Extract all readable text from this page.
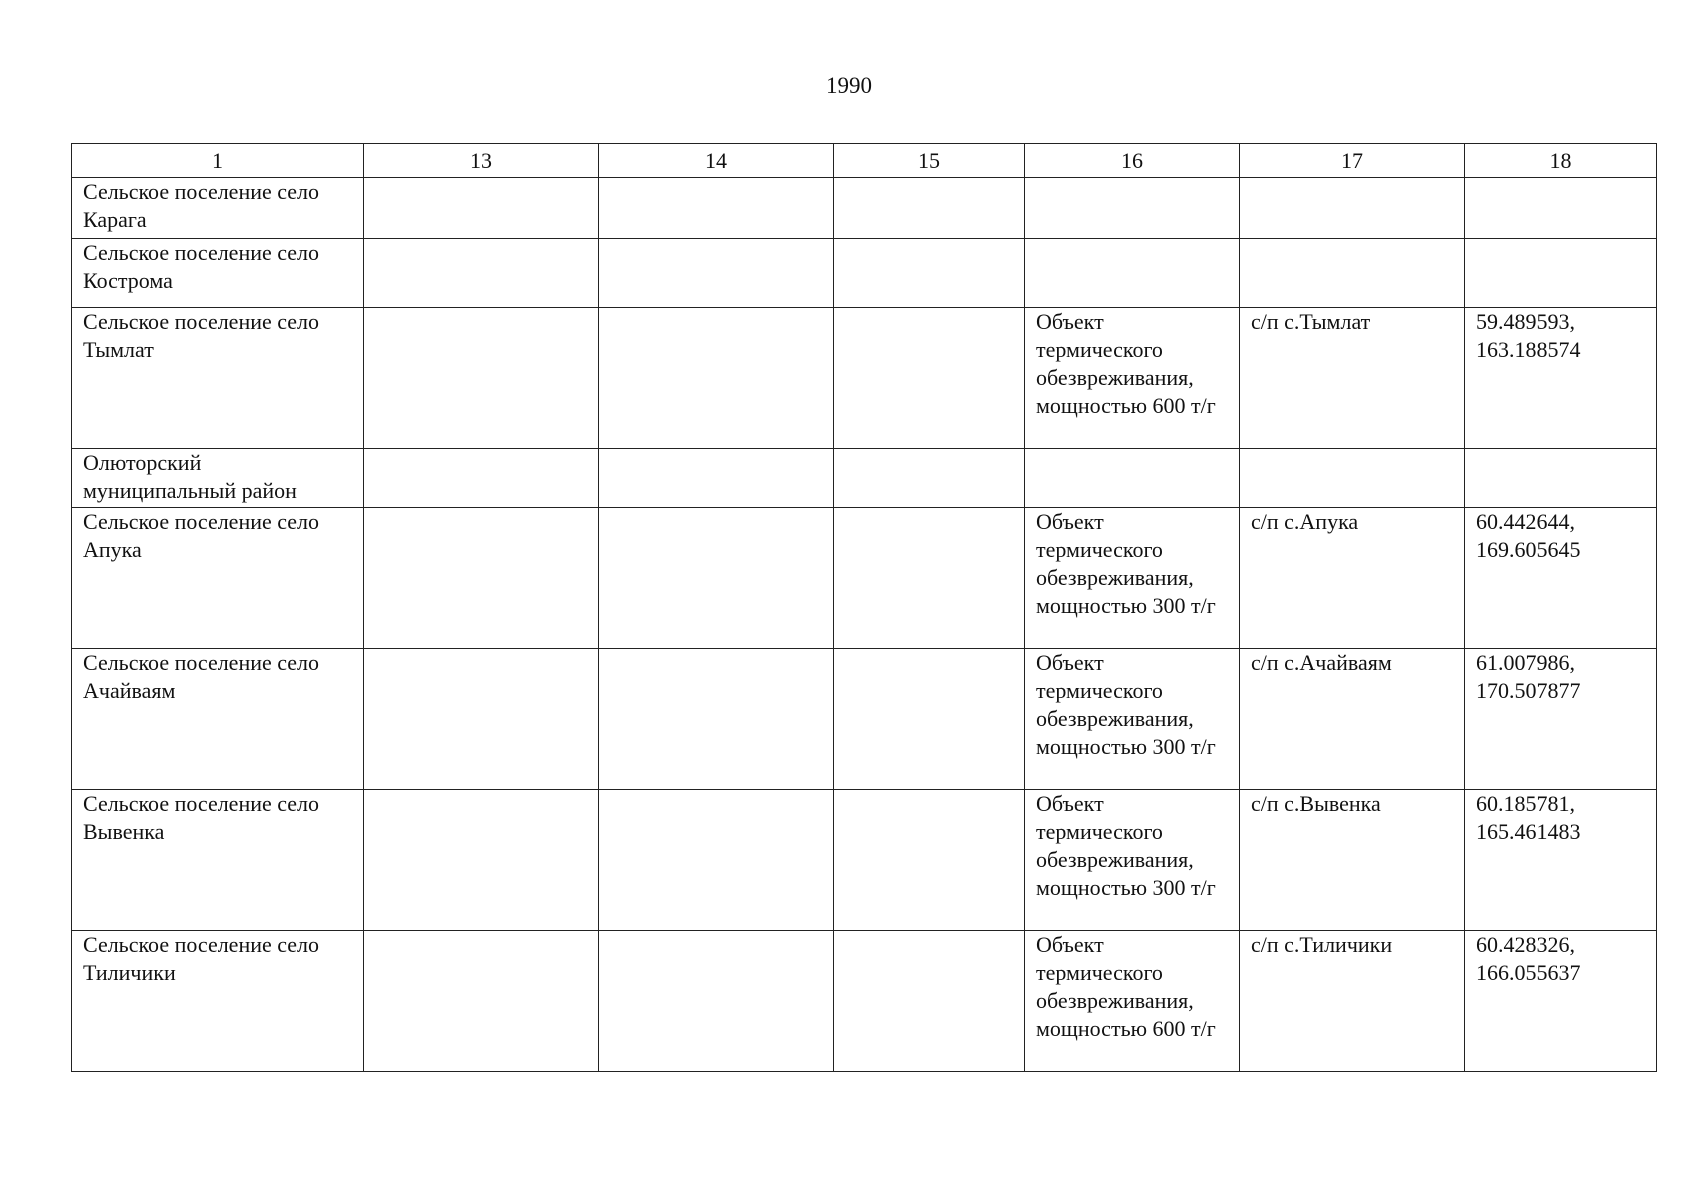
1990
1	13	14	15	16	17	18
Сельское поселение село Карага						
Сельское поселение село Кострома						
Сельское поселение село Тымлат				Объект термического обезвреживания, мощностью 600 т/г	с/п с.Тымлат	59.489593, 163.188574
Олюторский муниципальный район						
Сельское поселение село Апука				Объект термического обезвреживания, мощностью 300 т/г	с/п с.Апука	60.442644, 169.605645
Сельское поселение село Ачайваям				Объект термического обезвреживания, мощностью 300 т/г	с/п с.Ачайваям	61.007986, 170.507877
Сельское поселение село Вывенка				Объект термического обезвреживания, мощностью 300 т/г	с/п с.Вывенка	60.185781, 165.461483
Сельское поселение село Тиличики				Объект термического обезвреживания, мощностью 600 т/г	с/п с.Тиличики	60.428326, 166.055637
